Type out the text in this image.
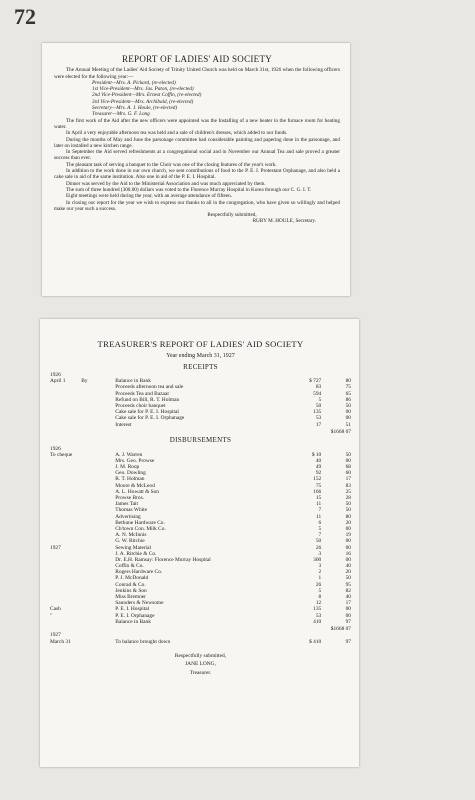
72
REPORT OF LADIES' AID SOCIETY

The Annual Meeting of the Ladies' Aid Society of Trinity United Church was held on March 31st, 1926 when the following officers were elected for the following year:—

President—Mrs. A. Pickard, (re-elected)
1st Vice-President—Mrs. Jas. Paton, (re-elected)
2nd Vice-President—Mrs. Ernest Coffin, (re-elected)
3rd Vice-President—Mrs. Archibald, (re-elected)
Secretary—Mrs. A. J. Houle, (re-elected)
Treasurer—Mrs. G. F. Long

The first work of the Aid after the new officers were appointed was the Installing of a new heater in the furnace room for heating water.

In April a very enjoyable afternoon tea was held and a sale of children's dresses, which added to our funds.

During the months of May and June the parsonage committee had considerable painting and papering done in the parsonage, and later on installed a new kitchen range.

In September the Aid served refreshments at a congregational social and in November our Annual Tea and sale proved a greater success than ever.

The pleasant task of serving a banquet to the Choir was one of the closing features of the year's work.

In addition to the work done in our own church, we sent contributions of food to the P. E. I. Protestant Orphanage, and also held a cake sale in aid of the same institution. Also one in aid of the P. E. I. Hospital.

Dinner was served by the Aid to the Ministerial Association and was much appreciated by them.

The sum of three hundred (300.00) dollars was voted to the Florence Murray Hospital in Korea through our C. G. I. T.

Eight meetings were held during the year, with an average attendance of fifteen.

In closing our report for the year we wish to express our thanks to all in the congregation, who have given so willingly and helped make our year such a success.

Respectfully submitted,

RUBY M. HOULE, Secretary.

TREASURER'S REPORT OF LADIES' AID SOCIETY
Year ending March 31, 1927
RECEIPTS
1926
April 1	By	Balance in Bank	$ 727	80
Proceeds afternoon tea and sale	83	75
Proceeds Tea and Bazaar	594	65
Refund on Bill, R. T. Holman	5	86
Proceeds choir banquet	50	50
Cake sale for P. E. I. Hospital	135	00
Cake sale for P. E. I. Orphanage	53	00
Interest	17	51
$1668 07
DISBURSEMENTS
1926
To cheque	A. J. Warren	$ 10	50
Mrs. Geo. Prowse	40	00
J. M. Roop	49	68
Geo. Dowling	92	60
R. T. Holman	152	17
Moore & McLeod	75	83
A. L. Howatt & Son	166	25
Prowse Bros.	15	28
James Tait	11	50
Thomas White	7	50
Advertising	11	80
Bethune Hardware Co.	6	20
Ch'town Con. Milk Co.	5	00
A. N. McInnis	7	19
G. W. Ritchie	50	00
1927	Sewing Material	26	00
J. A. Ritchie & Co.	3	16
Dr. E.H. Ramsay: Florence Murray Hospital	300	00
Coffin & Co.	3	40
Rogers Hardware Co.	2	20
P. J. McDonald	1	50
Conrad & Co.	26	95
Jenkins & Son	5	82
Miss Bremner	8	40
Saunders & Newsome	12	17
Cash	P. E. I. Hospital	135	00
"	P. E. I. Orphanage	53	00
Balance in Bank	410	97
$1668 07
1927
March 31	To balance brought down	$ 410	97
Respectfully submitted,
JANE LONG,
Treasurer.
